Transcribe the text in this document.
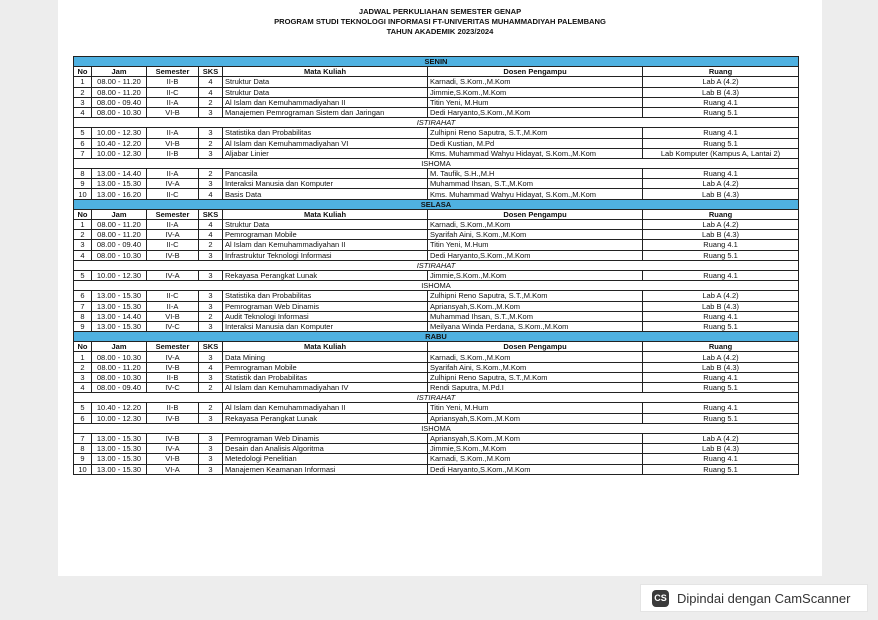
JADWAL PERKULIAHAN SEMESTER GENAP
PROGRAM STUDI TEKNOLOGI INFORMASI FT-UNIVERITAS MUHAMMADIYAH PALEMBANG
TAHUN AKADEMIK 2023/2024
SENIN						
No	Jam	Semester	SKS	Mata Kuliah	Dosen Pengampu	Ruang
1	08.00 - 11.20	II-B	4	Struktur Data	Karnadi, S.Kom.,M.Kom	Lab A (4.2)
2	08.00 - 11.20	II-C	4	Struktur Data	Jimmie,S.Kom.,M.Kom	Lab B (4.3)
3	08.00 - 09.40	II-A	2	Al Islam dan Kemuhammadiyahan II	Titin Yeni, M.Hum	Ruang 4.1
4	08.00 - 10.30	VI-B	3	Manajemen Pemrograman Sistem dan Jaringan	Dedi Haryanto,S.Kom.,M.Kom	Ruang 5.1
ISTIRAHAT						
5	10.00 - 12.30	II-A	3	Statistika dan Probabilitas	Zulhipni Reno Saputra, S.T.,M.Kom	Ruang 4.1
6	10.40 - 12.20	VI-B	2	Al Islam dan Kemuhammadiyahan VI	Dedi Kustian, M.Pd	Ruang 5.1
7	10.00 - 12.30	II-B	3	Aljabar Linier	Kms. Muhammad Wahyu Hidayat, S.Kom.,M.Kom	Lab Komputer (Kampus A, Lantai 2)
ISHOMA						
8	13.00 - 14.40	II-A	2	Pancasila	M. Taufik, S.H.,M.H	Ruang 4.1
9	13.00 - 15.30	IV-A	3	Interaksi Manusia dan Komputer	Muhammad Ihsan, S.T.,M.Kom	Lab A (4.2)
10	13.00 - 16.20	II-C	4	Basis Data	Kms. Muhammad Wahyu Hidayat, S.Kom.,M.Kom	Lab B (4.3)
SELASA						
No	Jam	Semester	SKS	Mata Kuliah	Dosen Pengampu	Ruang
1	08.00 - 11.20	II-A	4	Struktur Data	Karnadi, S.Kom.,M.Kom	Lab A (4.2)
2	08.00 - 11.20	IV-A	4	Pemrograman Mobile	Syarifah Aini, S.Kom.,M.Kom	Lab B (4.3)
3	08.00 - 09.40	II-C	2	Al Islam dan Kemuhammadiyahan II	Titin Yeni, M.Hum	Ruang 4.1
4	08.00 - 10.30	IV-B	3	Infrastruktur Teknologi Informasi	Dedi Haryanto,S.Kom.,M.Kom	Ruang 5.1
ISTIRAHAT						
5	10.00 - 12.30	IV-A	3	Rekayasa Perangkat Lunak	Jimmie,S.Kom.,M.Kom	Ruang 4.1
ISHOMA						
6	13.00 - 15.30	II-C	3	Statistika dan Probabilitas	Zulhipni Reno Saputra, S.T.,M.Kom	Lab A (4.2)
7	13.00 - 15.30	II-A	3	Pemrograman Web Dinamis	Apriansyah,S.Kom.,M.Kom	Lab B (4.3)
8	13.00 - 14.40	VI-B	2	Audit Teknologi Informasi	Muhammad Ihsan, S.T.,M.Kom	Ruang 4.1
9	13.00 - 15.30	IV-C	3	Interaksi Manusia dan Komputer	Meilyana Winda Perdana, S.Kom.,M.Kom	Ruang 5.1
RABU						
No	Jam	Semester	SKS	Mata Kuliah	Dosen Pengampu	Ruang
1	08.00 - 10.30	IV-A	3	Data Mining	Karnadi, S.Kom.,M.Kom	Lab A (4.2)
2	08.00 - 11.20	IV-B	4	Pemrograman Mobile	Syarifah Aini, S.Kom.,M.Kom	Lab B (4.3)
3	08.00 - 10.30	II-B	3	Statistik dan Probabilitas	Zulhipni Reno Saputra, S.T.,M.Kom	Ruang 4.1
4	08.00 - 09.40	IV-C	2	Al Islam dan Kemuhammadiyahan IV	Rendi Saputra, M.Pd.I	Ruang 5.1
ISTIRAHAT						
5	10.40 - 12.20	II-B	2	Al Islam dan Kemuhammadiyahan II	Titin Yeni, M.Hum	Ruang 4.1
6	10.00 - 12.30	IV-B	3	Rekayasa Perangkat Lunak	Apriansyah,S.Kom.,M.Kom	Ruang 5.1
ISHOMA						
7	13.00 - 15.30	IV-B	3	Pemrograman Web Dinamis	Apriansyah,S.Kom.,M.Kom	Lab A (4.2)
8	13.00 - 15.30	IV-A	3	Desain dan Analisis Algoritma	Jimmie,S.Kom.,M.Kom	Lab B (4.3)
9	13.00 - 15.30	VI-B	3	Metedologi Penelitian	Karnadi, S.Kom.,M.Kom	Ruang 4.1
10	13.00 - 15.30	VI-A	3	Manajemen Keamanan Informasi	Dedi Haryanto,S.Kom.,M.Kom	Ruang 5.1
CS Dipindai dengan CamScanner
